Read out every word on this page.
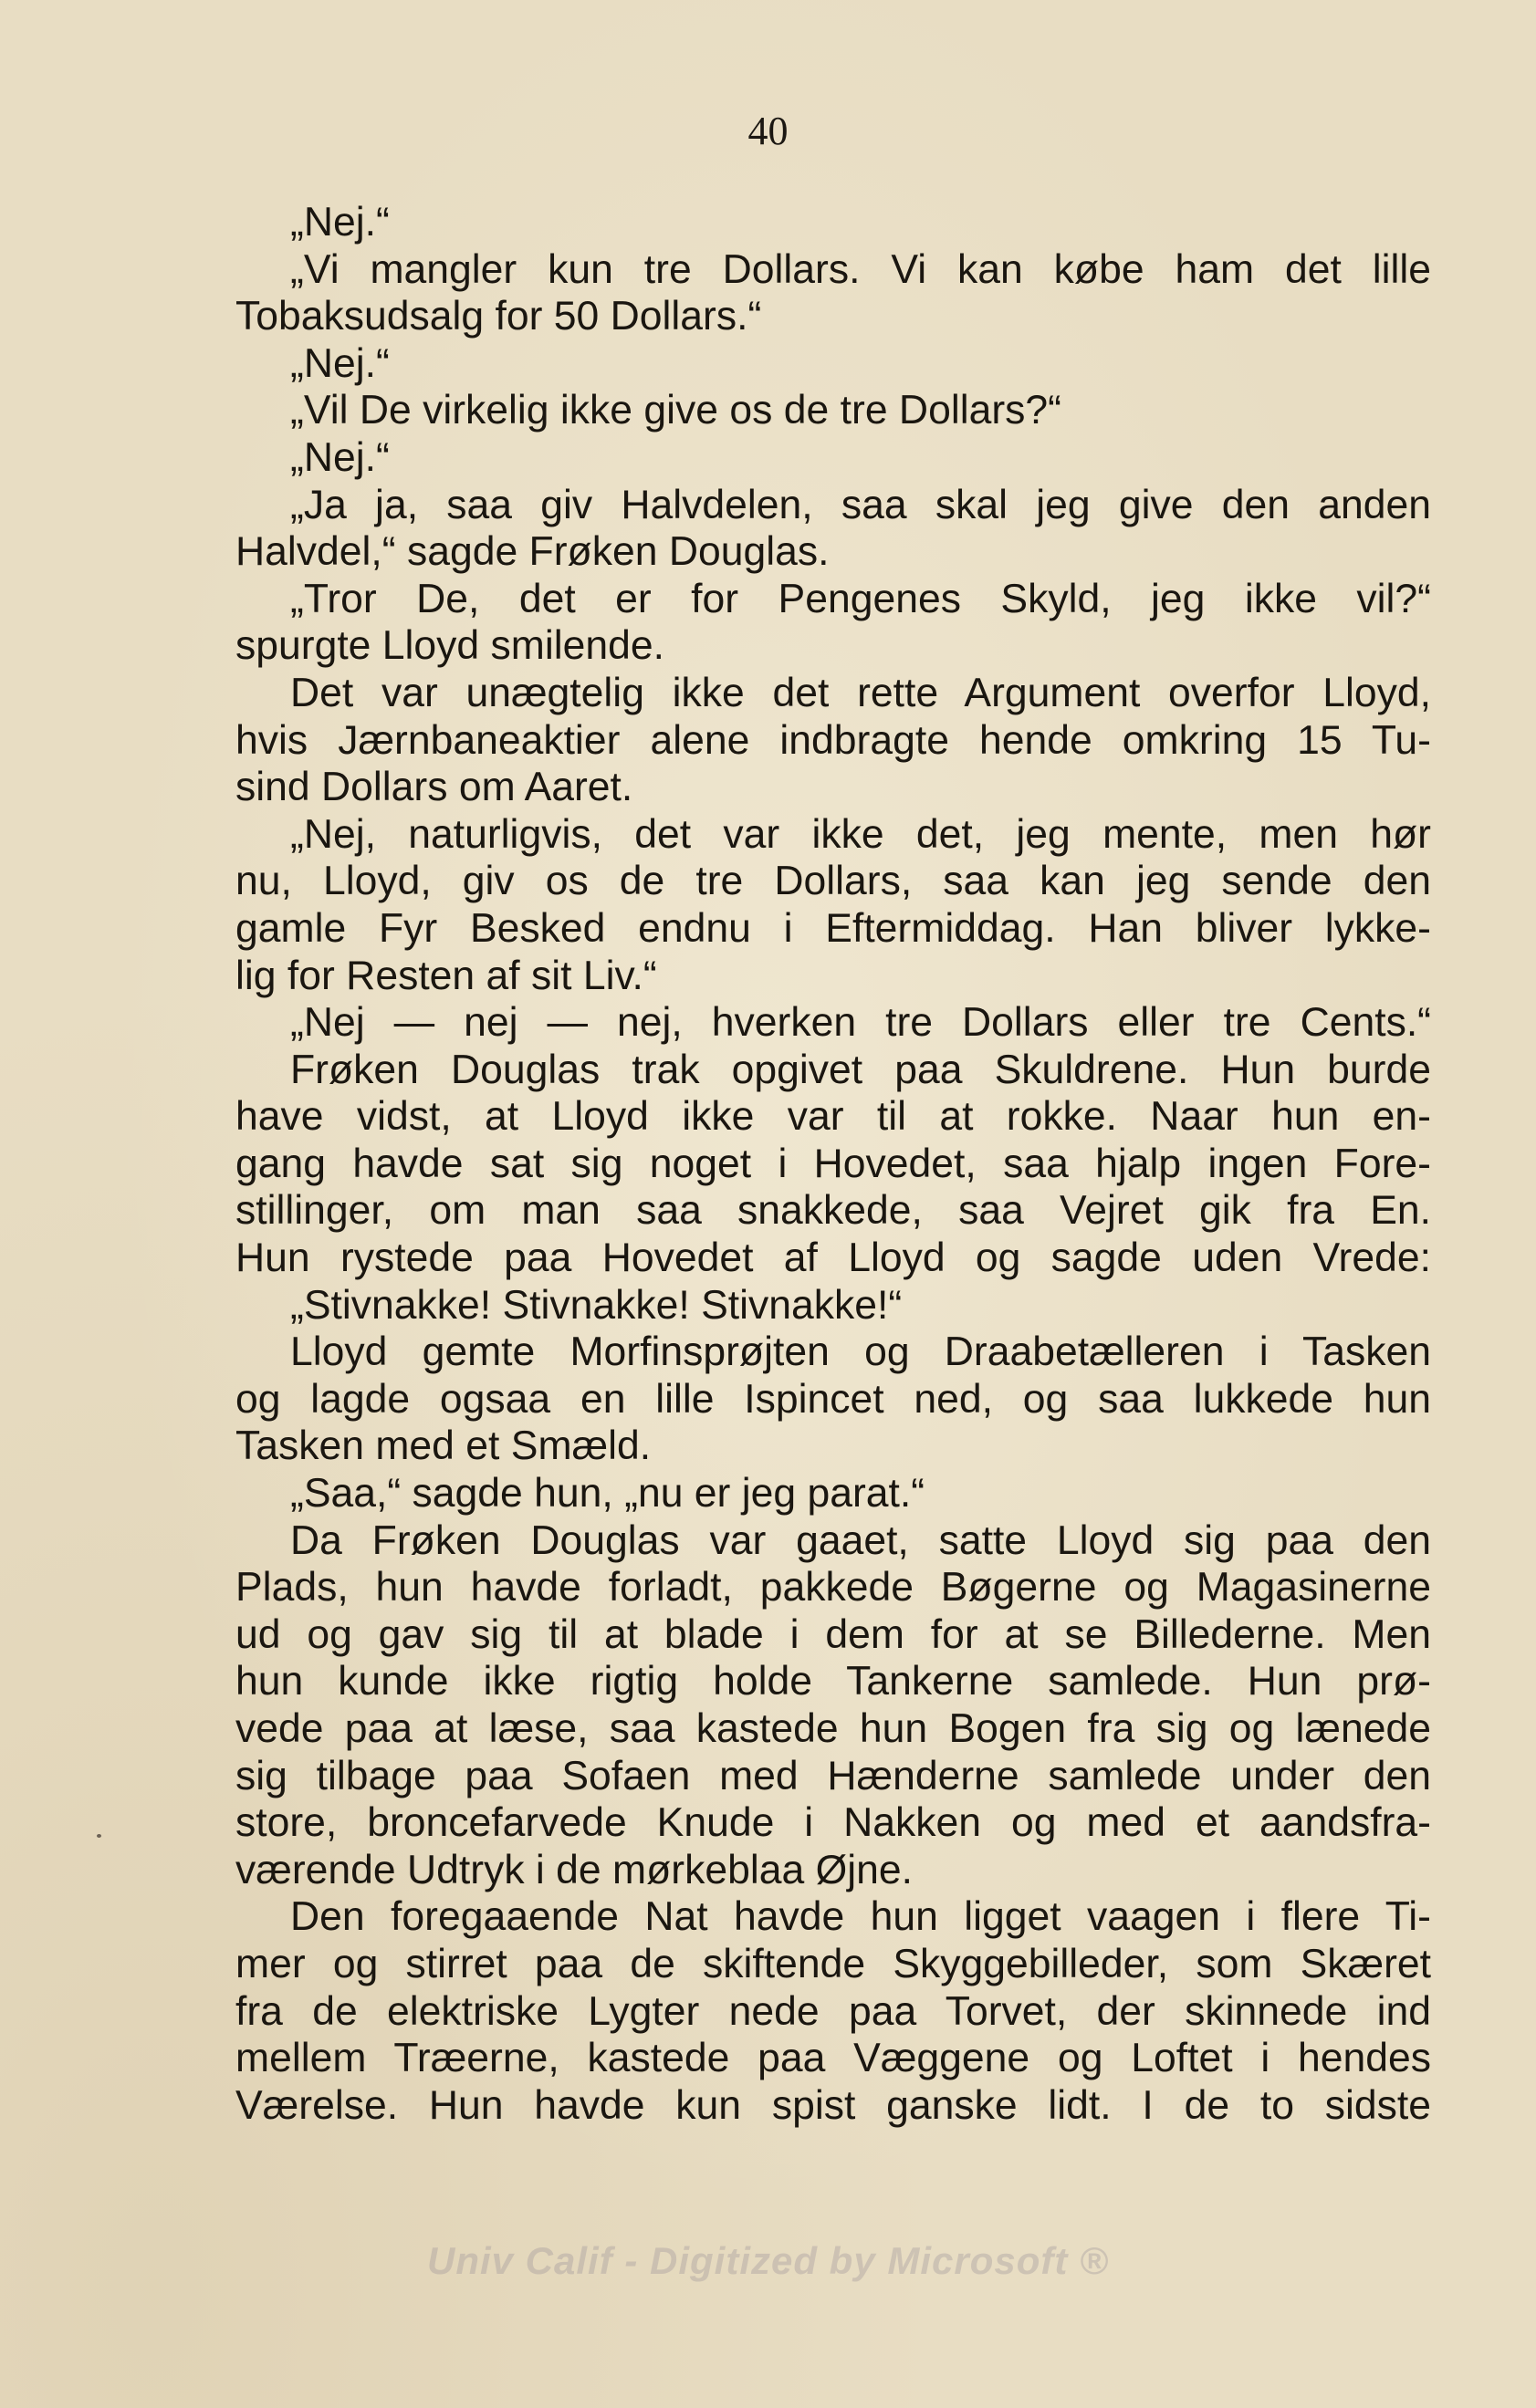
40
„Nej.“
„Vi mangler kun tre Dollars. Vi kan købe ham det lille
Tobaksudsalg for 50 Dollars.“
„Nej.“
„Vil De virkelig ikke give os de tre Dollars?“
„Nej.“
„Ja ja, saa giv Halvdelen, saa skal jeg give den anden
Halvdel,“ sagde Frøken Douglas.
„Tror De, det er for Pengenes Skyld, jeg ikke vil?“
spurgte Lloyd smilende.
Det var unægtelig ikke det rette Argument overfor Lloyd,
hvis Jærnbaneaktier alene indbragte hende omkring 15 Tu-
sind Dollars om Aaret.
„Nej, naturligvis, det var ikke det, jeg mente, men hør
nu, Lloyd, giv os de tre Dollars, saa kan jeg sende den
gamle Fyr Besked endnu i Eftermiddag. Han bliver lykke-
lig for Resten af sit Liv.“
„Nej — nej — nej, hverken tre Dollars eller tre Cents.“
Frøken Douglas trak opgivet paa Skuldrene. Hun burde
have vidst, at Lloyd ikke var til at rokke. Naar hun en-
gang havde sat sig noget i Hovedet, saa hjalp ingen Fore-
stillinger, om man saa snakkede, saa Vejret gik fra En.
Hun rystede paa Hovedet af Lloyd og sagde uden Vrede:
„Stivnakke! Stivnakke! Stivnakke!“
Lloyd gemte Morfinsprøjten og Draabetælleren i Tasken
og lagde ogsaa en lille Ispincet ned, og saa lukkede hun
Tasken med et Smæld.
„Saa,“ sagde hun, „nu er jeg parat.“
Da Frøken Douglas var gaaet, satte Lloyd sig paa den
Plads, hun havde forladt, pakkede Bøgerne og Magasinerne
ud og gav sig til at blade i dem for at se Billederne. Men
hun kunde ikke rigtig holde Tankerne samlede. Hun prø-
vede paa at læse, saa kastede hun Bogen fra sig og lænede
sig tilbage paa Sofaen med Hænderne samlede under den
store, broncefarvede Knude i Nakken og med et aandsfra-
værende Udtryk i de mørkeblaa Øjne.
Den foregaaende Nat havde hun ligget vaagen i flere Ti-
mer og stirret paa de skiftende Skyggebilleder, som Skæret
fra de elektriske Lygter nede paa Torvet, der skinnede ind
mellem Træerne, kastede paa Væggene og Loftet i hendes
Værelse. Hun havde kun spist ganske lidt. I de to sidste
Univ Calif - Digitized by Microsoft ®
